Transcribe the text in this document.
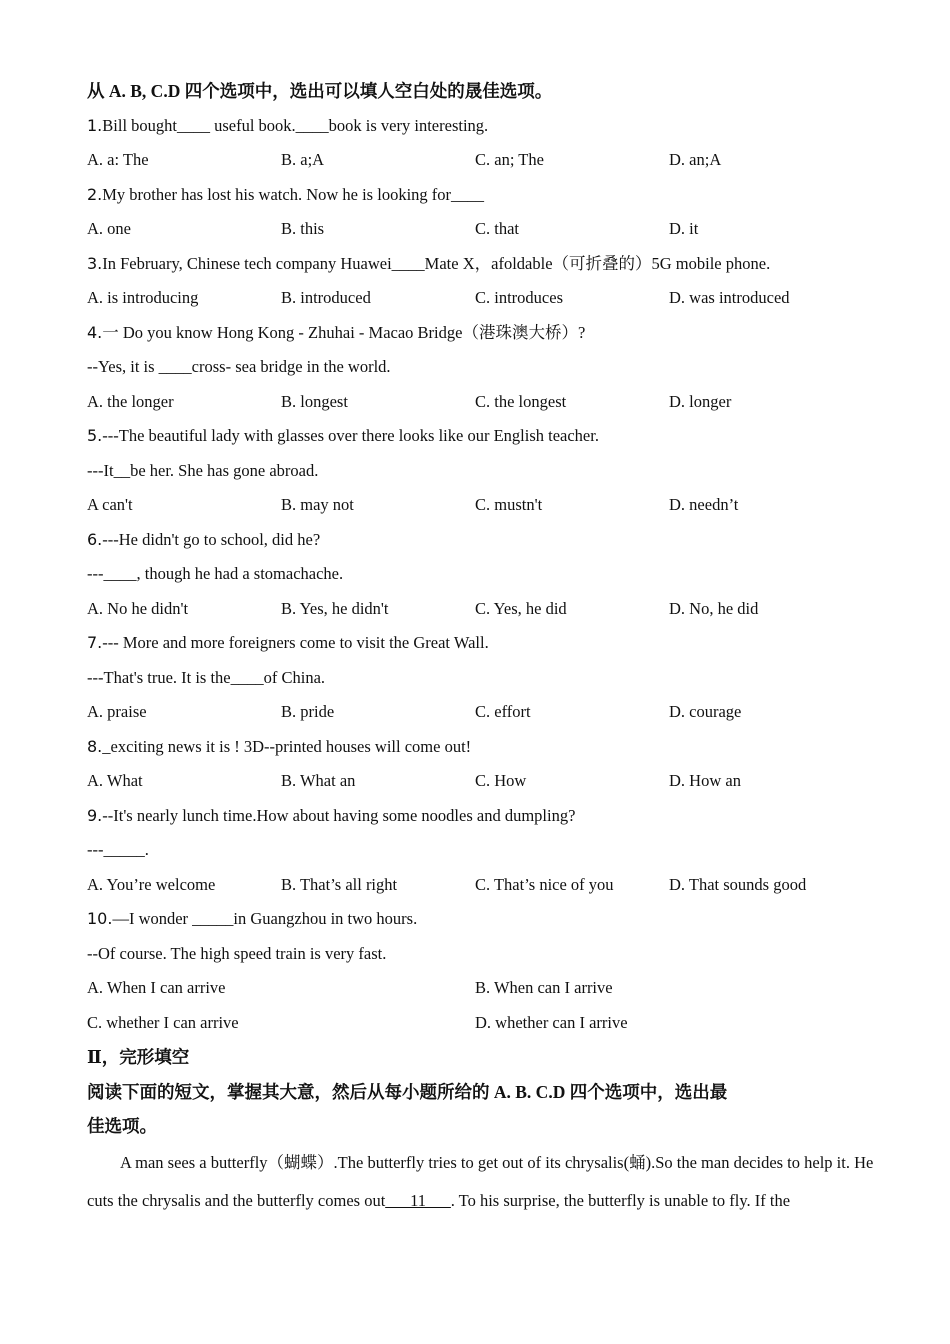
从 A. B, C.D 四个选项中，选出可以填人空白处的晟佳选项。
1.Bill bought____ useful book.____book is very interesting.
A. a: The	B. a;A	C. an; The	D. an;A
2.My brother has lost his watch. Now he is looking for____
A. one	B. this	C. that	D. it
3.In February, Chinese tech company Huawei____Mate X，afoldable（可折叠的）5G mobile phone.
A. is introducing	B. introduced	C. introduces	D. was introduced
4.一 Do you know Hong Kong - Zhuhai - Macao Bridge（港珠澳大桥）?
--Yes, it is ____cross- sea bridge in the world.
A. the longer	B. longest	C. the longest	D. longer
5.---The beautiful lady with glasses over there looks like our English teacher.
---It__be her. She has gone abroad.
A can't	B. may not	C. mustn't	D. needn’t
6.---He didn't go to school, did he?
---____, though he had a stomachache.
A. No he didn't	B. Yes, he didn't	C. Yes, he did	D. No, he did
7.--- More and more foreigners come to visit the Great Wall.
---That's true. It is the____of China.
A. praise	B. pride	C. effort	D. courage
8._exciting news it is ! 3D--printed houses will come out!
A. What	B. What an	C. How	D. How an
9.--It's nearly lunch time.How about having some noodles and dumpling?
---_____.
A. You’re welcome	B. That’s all right	C. That’s nice of you	D. That sounds good
10.—I wonder _____in Guangzhou in two hours.
--Of course. The high speed train is very fast.
A. When I can arrive	B. When can I arrive
C. whether I can arrive	D. whether can I arrive
Ⅱ，完形填空
阅读下面的短文，掌握其大意，然后从每小题所给的 A. B. C.D 四个选项中，选出最
佳选项。
A man sees a butterfly（蝴蝶）.The butterfly tries to get out of its chrysalis(蛹).So the man decides to help it. He cuts the chrysalis and the butterfly comes out___11___. To his surprise, the butterfly is unable to fly. If the
